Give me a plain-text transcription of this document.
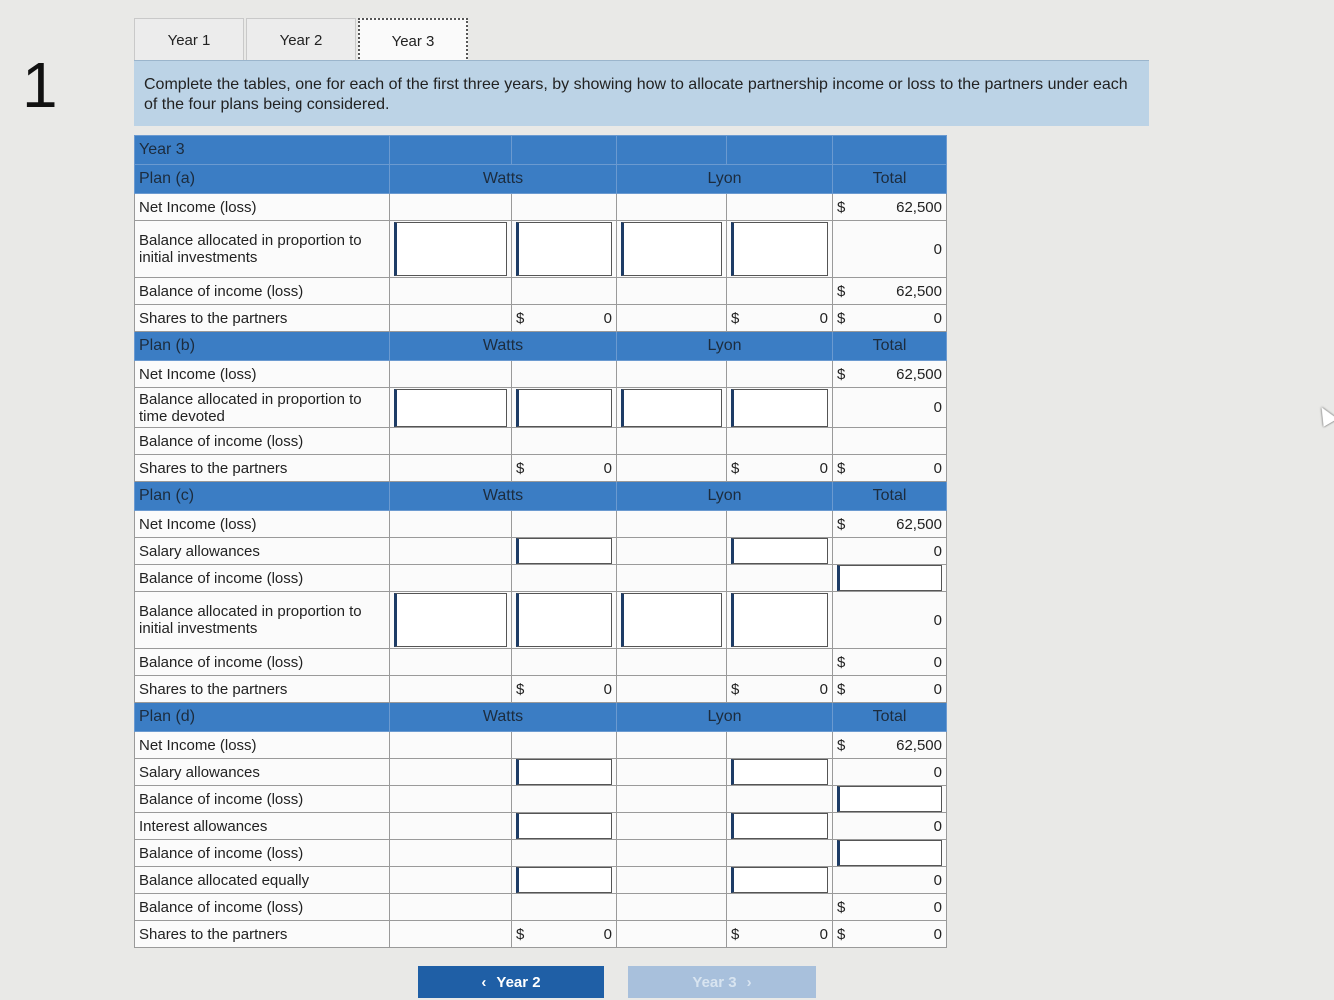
1
Year 1	Year 2	Year 3
Complete the tables, one for each of the first three years, by showing how to allocate partnership income or loss to the partners under each of the four plans being considered.
Year 3					
Plan (a)	Watts		Lyon		Total
Net Income (loss)					$ 62,500
Balance allocated in proportion to initial investments					0
Balance of income (loss)					$ 62,500
Shares to the partners		$ 0		$ 0	$ 0
Plan (b)	Watts		Lyon		Total
Net Income (loss)					$ 62,500
Balance allocated in proportion to time devoted					0
Balance of income (loss)					
Shares to the partners		$ 0		$ 0	$ 0
Plan (c)	Watts		Lyon		Total
Net Income (loss)					$ 62,500
Salary allowances					0
Balance of income (loss)					

Balance allocated in proportion to initial investments					0
Balance of income (loss)					$ 0
Shares to the partners		$ 0		$ 0	$ 0
Plan (d)	Watts		Lyon		Total
Net Income (loss)					$ 62,500
Salary allowances					0
Balance of income (loss)					

Interest allowances					0
Balance of income (loss)					

Balance allocated equally					0
Balance of income (loss)					$ 0
Shares to the partners		$ 0		$ 0	$ 0
‹ Year 2	Year 3 ›
